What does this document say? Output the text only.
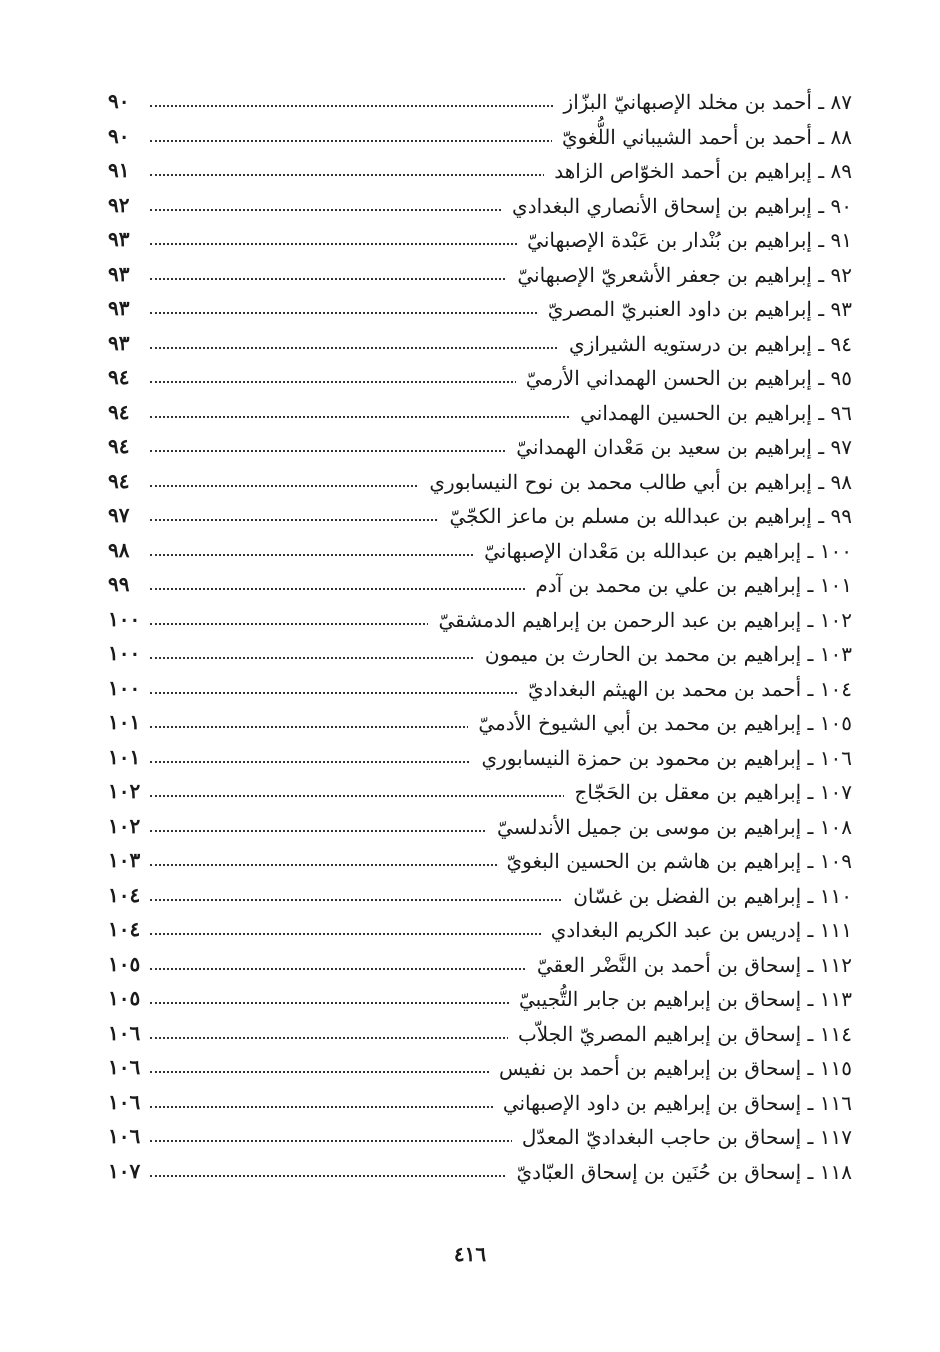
٨٧ ـ أحمد بن مخلد الإصبهانيّ البزّاز
٩٠
٨٨ ـ أحمد بن أحمد الشيباني اللُّغويّ
٩٠
٨٩ ـ إبراهيم بن أحمد الخوّاص الزاهد
٩١
٩٠ ـ إبراهيم بن إسحاق الأنصاري البغدادي
٩٢
٩١ ـ إبراهيم بن بُنْدار بن عَبْدة الإصبهانيّ
٩٣
٩٢ ـ إبراهيم بن جعفر الأشعريّ الإصبهانيّ
٩٣
٩٣ ـ إبراهيم بن داود العنبريّ المصريّ
٩٣
٩٤ ـ إبراهيم بن درستويه الشيرازي
٩٣
٩٥ ـ إبراهيم بن الحسن الهمداني الأرميّ
٩٤
٩٦ ـ إبراهيم بن الحسين الهمداني
٩٤
٩٧ ـ إبراهيم بن سعيد بن مَعْدان الهمدانيّ
٩٤
٩٨ ـ إبراهيم بن أبي طالب محمد بن نوح النيسابوري
٩٤
٩٩ ـ إبراهيم بن عبدالله بن مسلم بن ماعز الكجّيّ
٩٧
١٠٠ ـ إبراهيم بن عبدالله بن مَعْدان الإصبهانيّ
٩٨
١٠١ ـ إبراهيم بن علي بن محمد بن آدم
٩٩
١٠٢ ـ إبراهيم بن عبد الرحمن بن إبراهيم الدمشقيّ
١٠٠
١٠٣ ـ إبراهيم بن محمد بن الحارث بن ميمون
١٠٠
١٠٤ ـ أحمد بن محمد بن الهيثم البغداديّ
١٠٠
١٠٥ ـ إبراهيم بن محمد بن أبي الشيوخ الأدميّ
١٠١
١٠٦ ـ إبراهيم بن محمود بن حمزة النيسابوري
١٠١
١٠٧ ـ إبراهيم بن معقل بن الحَجّاج
١٠٢
١٠٨ ـ إبراهيم بن موسى بن جميل الأندلسيّ
١٠٢
١٠٩ ـ إبراهيم بن هاشم بن الحسين البغويّ
١٠٣
١١٠ ـ إبراهيم بن الفضل بن غسّان
١٠٤
١١١ ـ إدريس بن عبد الكريم البغدادي
١٠٤
١١٢ ـ إسحاق بن أحمد بن النَّضْر العقيّ
١٠٥
١١٣ ـ إسحاق بن إبراهيم بن جابر التُّجيبيّ
١٠٥
١١٤ ـ إسحاق بن إبراهيم المصريّ الجلاّب
١٠٦
١١٥ ـ إسحاق بن إبراهيم بن أحمد بن نفيس
١٠٦
١١٦ ـ إسحاق بن إبراهيم بن داود الإصبهاني
١٠٦
١١٧ ـ إسحاق بن حاجب البغداديّ المعدّل
١٠٦
١١٨ ـ إسحاق بن حُنَين بن إسحاق العبّاديّ
١٠٧
٤١٦
